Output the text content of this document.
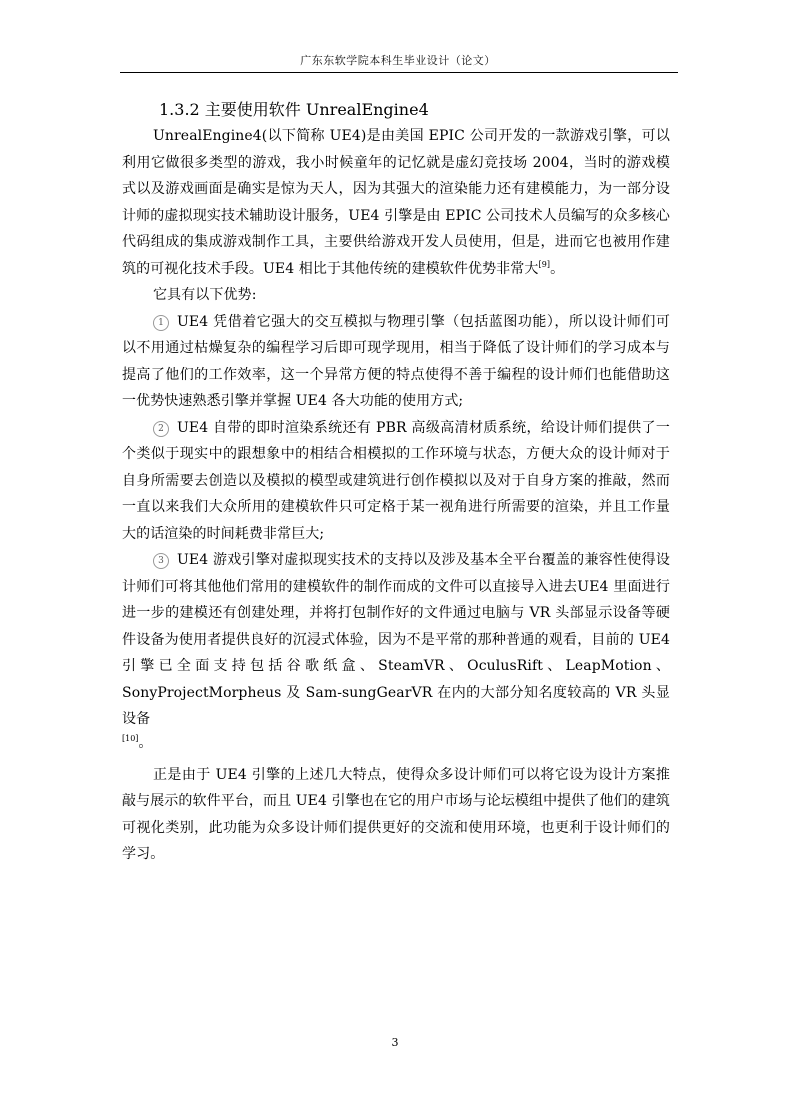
广东东软学院本科生毕业设计（论文）
1.3.2 主要使用软件 UnrealEngine4

UnrealEngine4(以下简称 UE4)是由美国 EPIC 公司开发的一款游戏引擎，可以利用它做很多类型的游戏，我小时候童年的记忆就是虚幻竞技场 2004，当时的游戏模式以及游戏画面是确实是惊为天人，因为其强大的渲染能力还有建模能力，为一部分设计师的虚拟现实技术辅助设计服务，UE4 引擎是由 EPIC 公司技术人员编写的众多核心代码组成的集成游戏制作工具，主要供给游戏开发人员使用，但是，进而它也被用作建筑的可视化技术手段。UE4 相比于其他传统的建模软件优势非常大[9]。

它具有以下优势:

1 UE4 凭借着它强大的交互模拟与物理引擎（包括蓝图功能），所以设计师们可以不用通过枯燥复杂的编程学习后即可现学现用，相当于降低了设计师们的学习成本与提高了他们的工作效率，这一个异常方便的特点使得不善于编程的设计师们也能借助这一优势快速熟悉引擎并掌握 UE4 各大功能的使用方式;

2 UE4 自带的即时渲染系统还有 PBR 高级高清材质系统，给设计师们提供了一个类似于现实中的跟想象中的相结合相模拟的工作环境与状态，方便大众的设计师对于自身所需要去创造以及模拟的模型或建筑进行创作模拟以及对于自身方案的推敲，然而一直以来我们大众所用的建模软件只可定格于某一视角进行所需要的渲染，并且工作量大的话渲染的时间耗费非常巨大;

3 UE4 游戏引擎对虚拟现实技术的支持以及涉及基本全平台覆盖的兼容性使得设计师们可将其他他们常用的建模软件的制作而成的文件可以直接导入进去UE4 里面进行进一步的建模还有创建处理，并将打包制作好的文件通过电脑与 VR 头部显示设备等硬件设备为使用者提供良好的沉浸式体验，因为不是平常的那种普通的观看，目前的 UE4 引擎已全面支持包括谷歌纸盒、SteamVR、OculusRift、LeapMotion、SonyProjectMorpheus 及 Sam-sungGearVR 在内的大部分知名度较高的 VR 头显设备

[10]。

正是由于 UE4 引擎的上述几大特点，使得众多设计师们可以将它设为设计方案推敲与展示的软件平台，而且 UE4 引擎也在它的用户市场与论坛模组中提供了他们的建筑可视化类别，此功能为众多设计师们提供更好的交流和使用环境，也更利于设计师们的学习。

3
